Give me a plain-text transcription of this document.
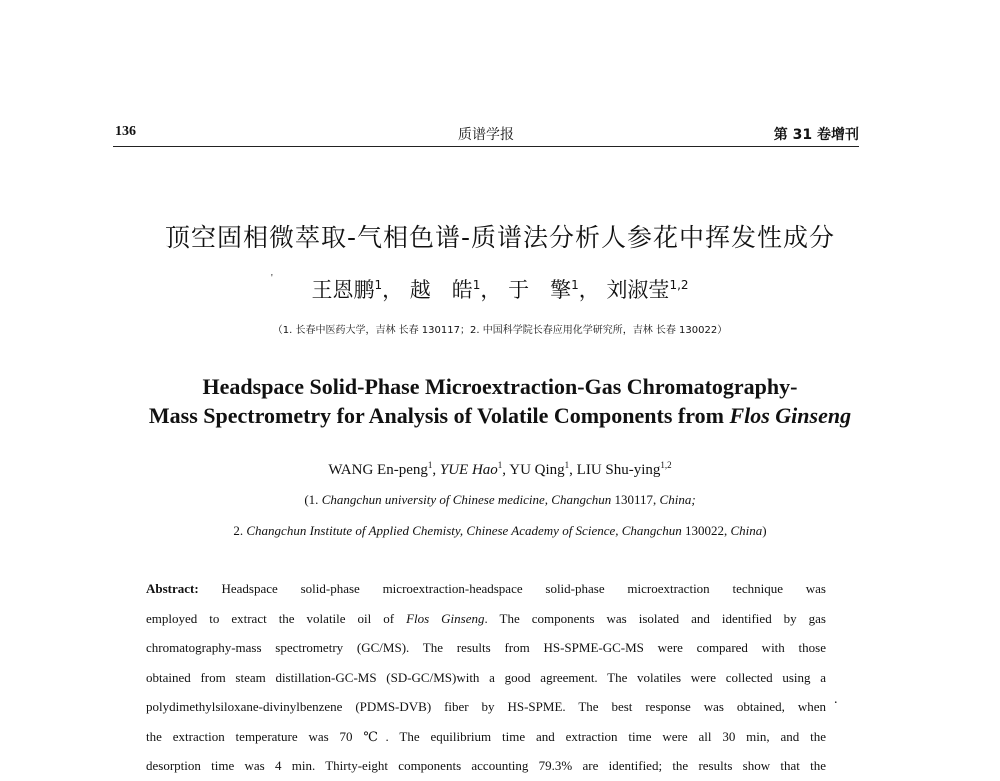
136	质谱学报	第 31 卷增刊
顶空固相微萃取-气相色谱-质谱法分析人参花中挥发性成分
'	王恩鹏$^1$， 越　皓$^1$， 于　擎$^1$， 刘淑莹$^{1,2}$
（1. 长春中医药大学，吉林 长春 130117；2. 中国科学院长春应用化学研究所，吉林 长春 130022）
Headspace Solid-Phase Microextraction-Gas Chromatography-
Mass Spectrometry for Analysis of Volatile Components from Flos Ginseng
WANG En-peng$^1$, YUE Hao$^1$, YU Qing$^1$, LIU Shu-ying$^{1,2}$
(1. Changchun university of Chinese medicine, Changchun 130117, China;
2. Changchun Institute of Applied Chemisty, Chinese Academy of Science, Changchun 130022, China)
Abstract: Headspace solid-phase microextraction-headspace solid-phase microextraction technique was
employed to extract the volatile oil of Flos Ginseng. The components was isolated and identified by gas
chromatography-mass spectrometry (GC/MS). The results from HS-SPME-GC-MS were compared with those
obtained from steam distillation-GC-MS (SD-GC/MS)with a good agreement. The volatiles were collected using a
polydimethylsiloxane-divinylbenzene (PDMS-DVB) fiber by HS-SPME. The best response was obtained, when
the extraction temperature was 70 ℃. The equilibrium time and extraction time were all 30 min, and the
desorption time was 4 min. Thirty-eight components accounting 79.3% are identified; the results show that the
.
